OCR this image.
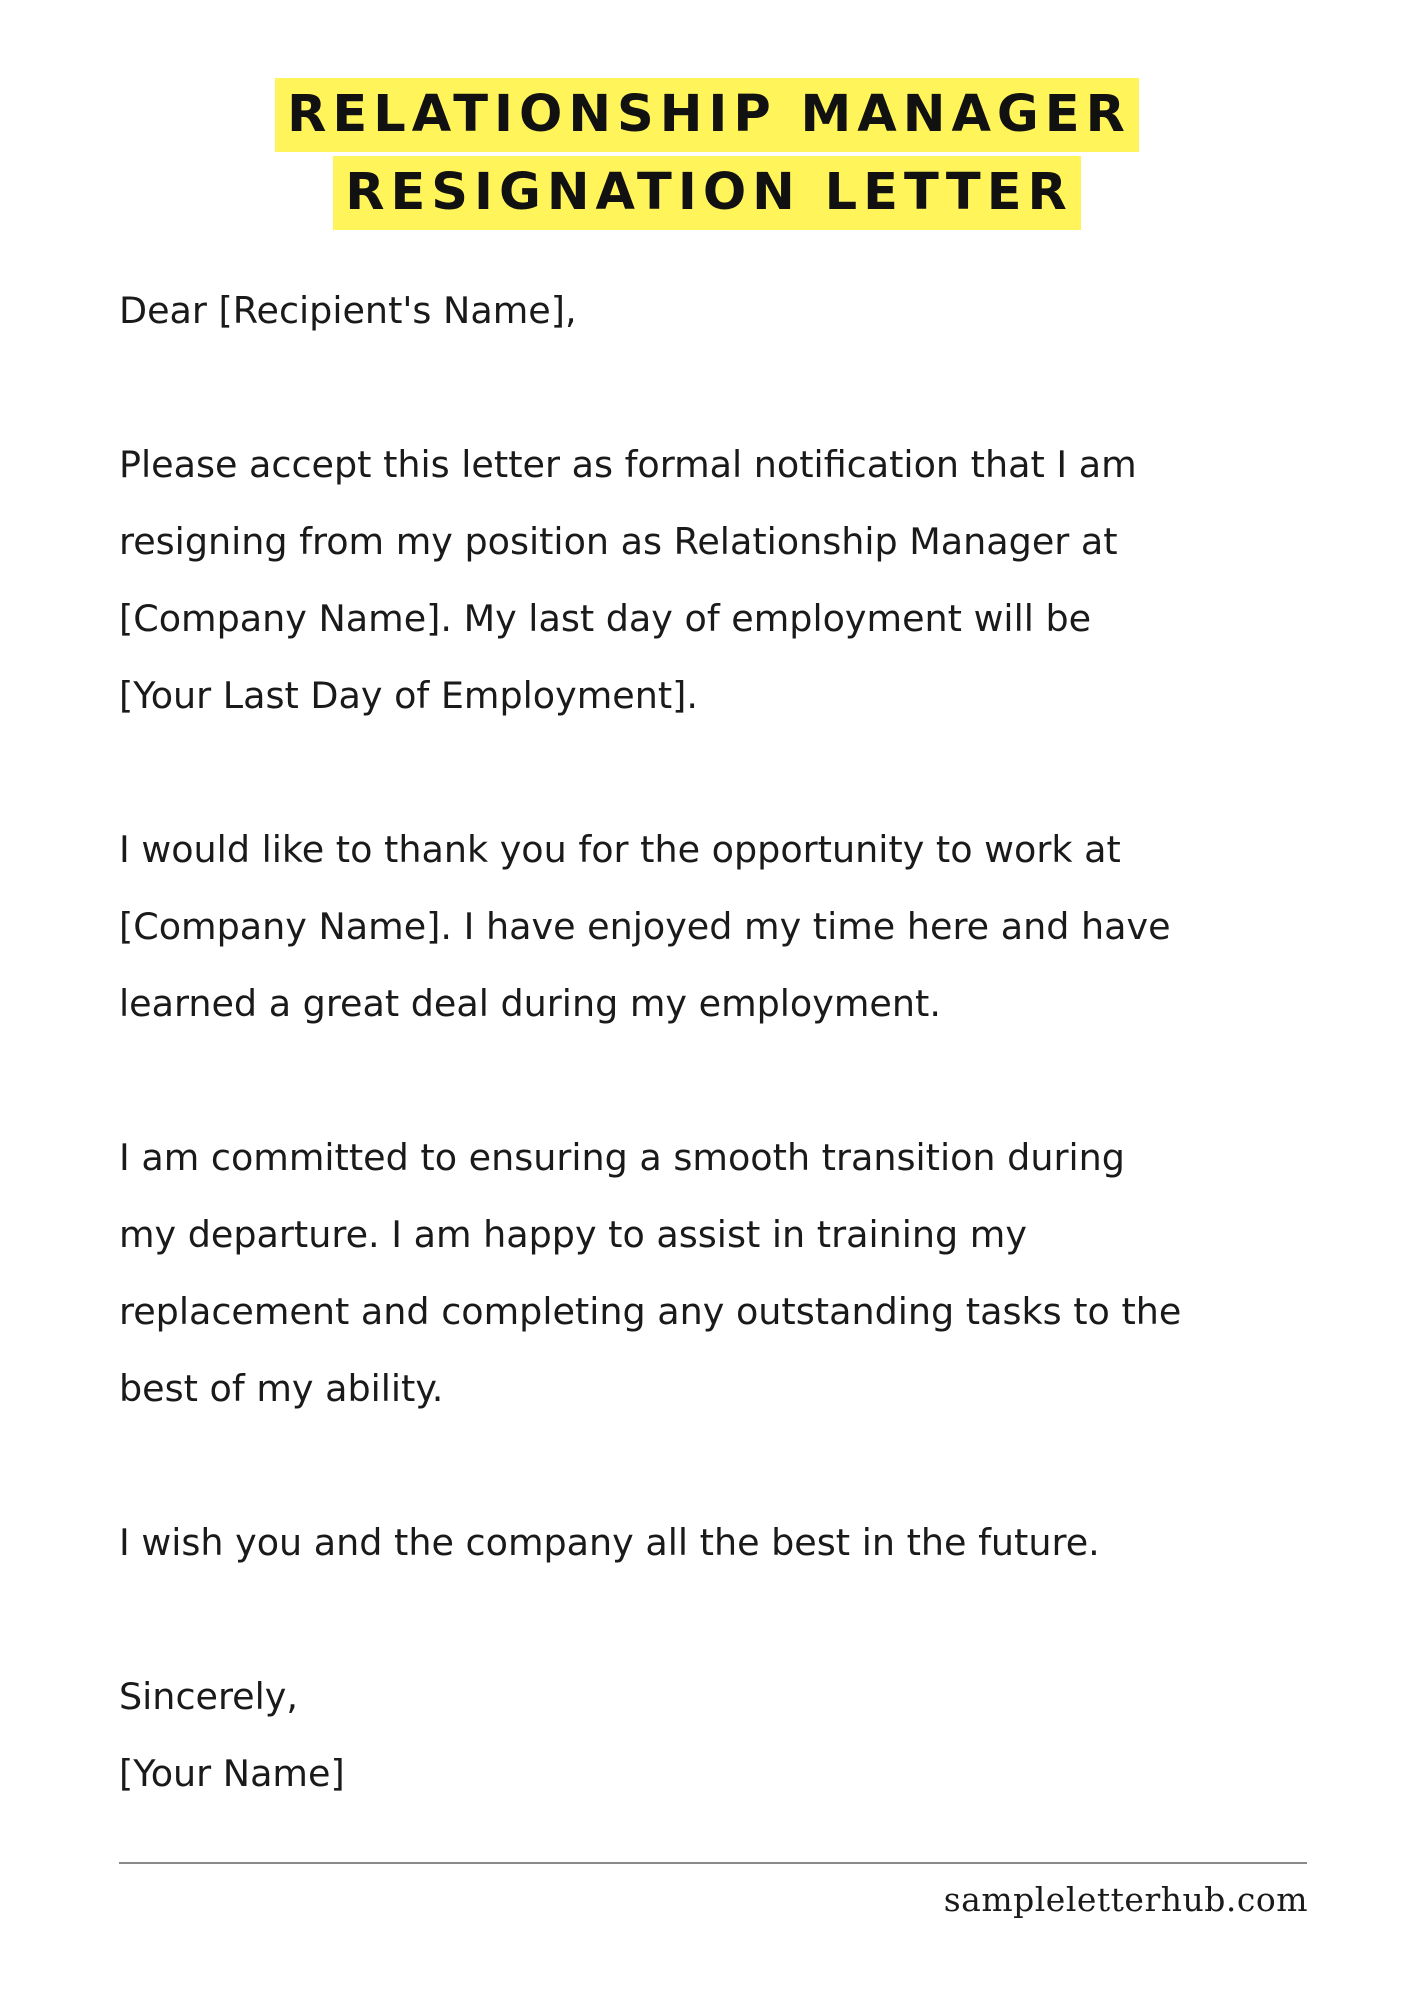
RELATIONSHIP MANAGER
RESIGNATION LETTER

Dear [Recipient's Name],

Please accept this letter as formal notification that I am

resigning from my position as Relationship Manager at

[Company Name]. My last day of employment will be

[Your Last Day of Employment].

I would like to thank you for the opportunity to work at

[Company Name]. I have enjoyed my time here and have

learned a great deal during my employment.

I am committed to ensuring a smooth transition during

my departure. I am happy to assist in training my

replacement and completing any outstanding tasks to the

best of my ability.

I wish you and the company all the best in the future.

Sincerely,

[Your Name]

sampleletterhub.com
